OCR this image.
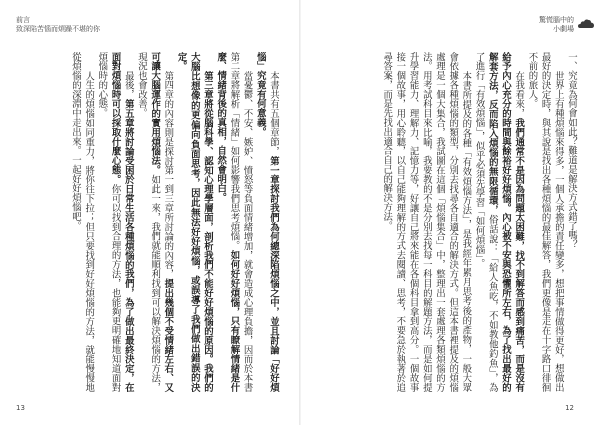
前言
致深陷苦惱而煩躁不堪的你

本書共有五個章節，第一章探討我們為何總深陷煩惱之中，並且討論「好好煩惱」究竟有何意義。

當憂鬱、不安、嫉妒、憤怒等負面情緒增加，就會造成心理負擔，因而於本書第二章將解析「情緒」如何影響我們思考煩惱。如何好好煩惱，只有瞭解情緒是什麼、情緒背後的真相，自然會明白。

第三章將從腦科學、認知心理學層面，剖析我們不能好好煩惱的原因。我們的大腦比想像的更偏向負面思考，因此無法好好煩惱，或誤導了我們做出錯誤的決定。

第四章的內容則是探討第一到三章所討論的內容，提出幾個不受情緒左右、又可讓大腦運作的實用煩惱法。如此一來，我們就能順利找到可以解決煩惱的方法，現況也會改善。

最後，第五章將討論受困於日常生活各種煩惱的我們，為了做出最終決定，在面對煩惱時可以採取什麼心態。你可以找到合理的方法，也能夠更明確地知道面對煩惱時的心態。

人生的煩惱如同重力，將你往下拉；但只要找到好好煩惱的方法，就能慢慢地從煩惱的深淵中走出來。一起好好煩惱吧。

13
驚慌腦中的
小劇場

一、究竟為何會如此？難道是解決方式錯了嗎？

世界上有種煩惱來得多，一個人承擔的責任變多，想把事情做得更好，想做出最好的決定時，與其說是找出各種煩惱的最佳解答，我們更像是走在十字路口徘徊不前的旅人。

在我看來，我們通常不是因為問題太困難，找不到解答而感到痛苦，而是沒有給予內心充分的時間與餘裕好好煩惱。內心被不安與恐懼所左右，為了找出最好的解套方法，反而陷入煩惱的無限循環，俗話說：「給人魚吃，不如教他釣魚」，為了進行「有效煩惱」，似乎必須先學習「如何煩惱」。

本書所提及的各種「有效煩惱方法」，是我經年累月思考後的產物，一般大眾會依據各種煩惱的類型，分別去找尋各自適合的解決方式。但這本書裡提及的煩惱處理是一個大集合，我試圖在這個「煩惱集合」中，整理出一套處理各類煩惱的方法。用考試科目來比喻，我要教的不是分別去找每一科目的解題方法，而是如何提升學習能力、理解力、記憶力等，好讓自己將來能在各個科目拿到高分。一個故事接一個故事，用心聆聽，以自己能夠理解的方式去閱讀、思考，不要急於執著於追尋答案，而是先找出適合自己的解決方法。

12
